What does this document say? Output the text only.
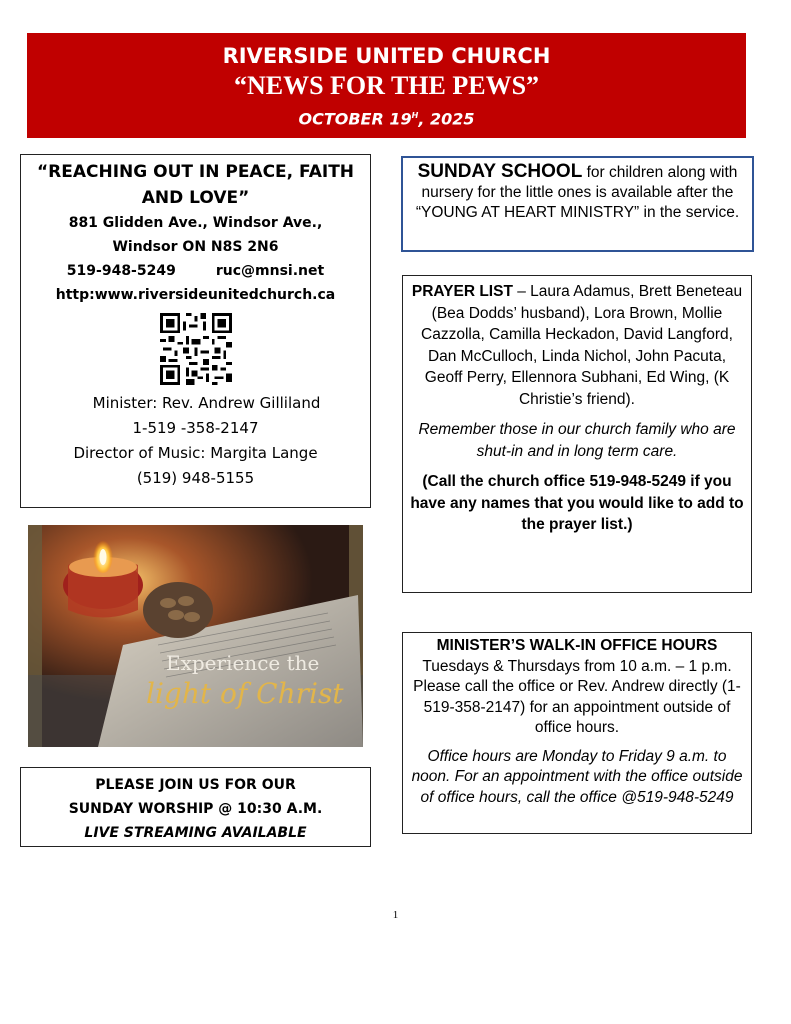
RIVERSIDE UNITED CHURCH
“NEWS FOR THE PEWS”
OCTOBER $19^H$, 2025
“REACHING OUT IN PEACE, FAITH AND LOVE”
881 Glidden Ave., Windsor Ave.,
Windsor ON N8S 2N6
519-948-5249	ruc@mnsi.net
http:www.riversideunitedchurch.ca
Minister: Rev. Andrew Gilliland
1-519 -358-2147
Director of Music: Margita Lange
(519) 948-5155
Experience the
light of Christ
PLEASE JOIN US FOR OUR
SUNDAY WORSHIP @ 10:30 A.M.
LIVE STREAMING AVAILABLE
SUNDAY SCHOOL for children along with nursery for the little ones is available after the “YOUNG AT HEART MINISTRY” in the service.
PRAYER LIST – Laura Adamus, Brett Beneteau (Bea Dodds’ husband), Lora Brown, Mollie Cazzolla, Camilla Heckadon, David Langford, Dan McCulloch, Linda Nichol, John Pacuta, Geoff Perry, Ellennora Subhani, Ed Wing, (K Christie’s friend).
Remember those in our church family who are shut-in and in long term care.
(Call the church office 519-948-5249 if you have any names that you would like to add to the prayer list.)
MINISTER’S WALK-IN OFFICE HOURS
Tuesdays & Thursdays from 10 a.m. – 1 p.m. Please call the office or Rev. Andrew directly (1-519-358-2147) for an appointment outside of office hours.
Office hours are Monday to Friday 9 a.m. to noon. For an appointment with the office outside of office hours, call the office @519-948-5249
1
